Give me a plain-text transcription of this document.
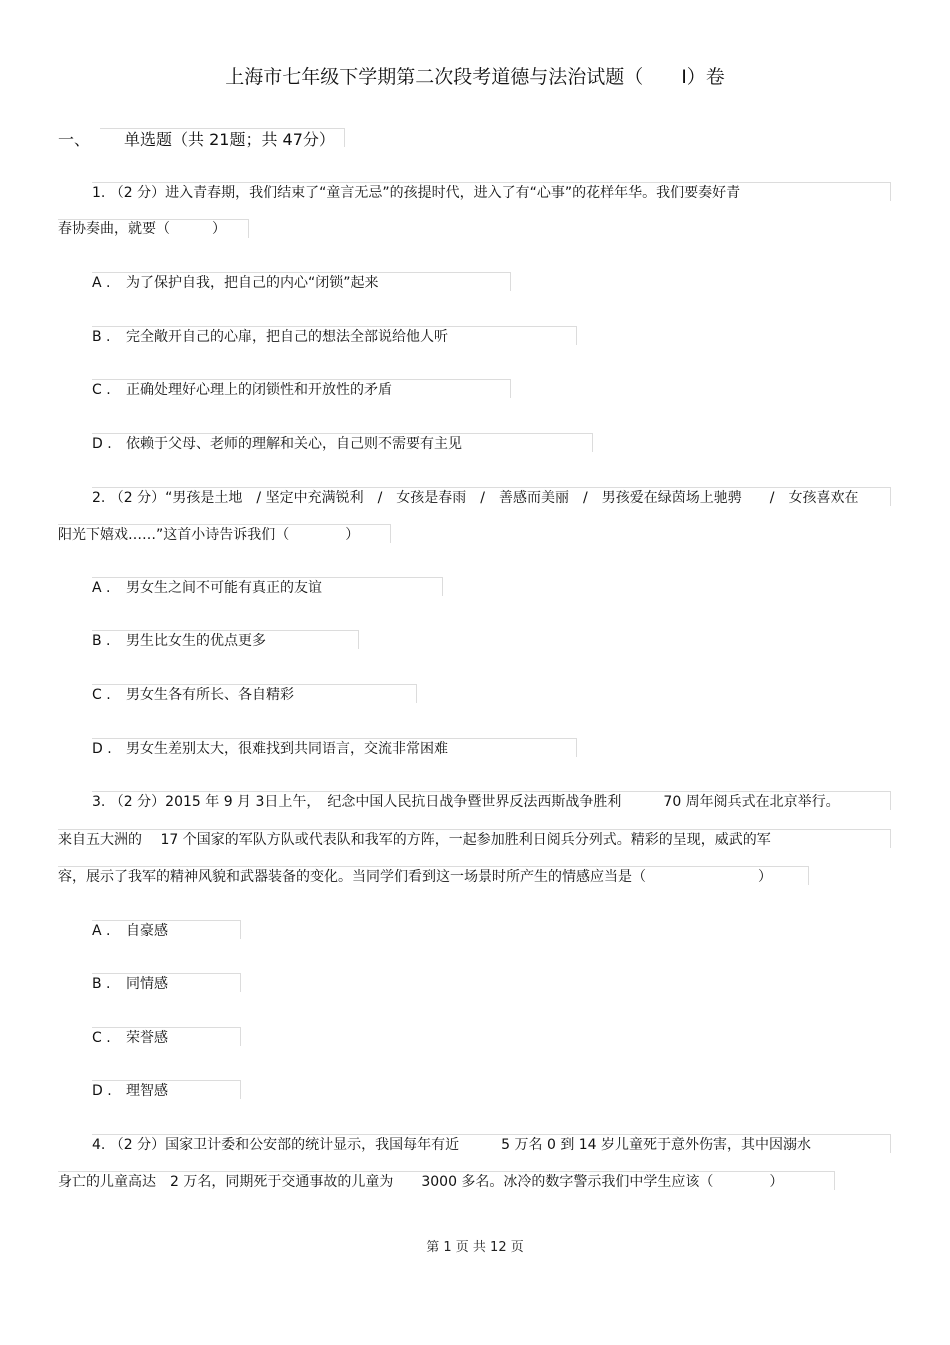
上海市七年级下学期第二次段考道德与法治试题（　　I）卷
一、 单选题（共 21题；共 47分）
1. （2 分）进入青春期，我们结束了“童言无忌”的孩提时代，进入了有“心事”的花样年华。我们要奏好青
春协奏曲，就要（　　　）
A . 为了保护自我，把自己的内心“闭锁”起来
B . 完全敞开自己的心扉，把自己的想法全部说给他人听
C . 正确处理好心理上的闭锁性和开放性的矛盾
D . 依赖于父母、老师的理解和关心，自己则不需要有主见
2. （2 分）“男孩是土地　/ 坚定中充满锐利　/　女孩是春雨　/　善感而美丽　/　男孩爱在绿茵场上驰骋　　/　女孩喜欢在
阳光下嬉戏……”这首小诗告诉我们（　　　　）
A . 男女生之间不可能有真正的友谊
B . 男生比女生的优点更多
C . 男女生各有所长、各自精彩
D . 男女生差别太大，很难找到共同语言，交流非常困难
3. （2 分）2015 年 9 月 3日上午，　纪念中国人民抗日战争暨世界反法西斯战争胜利　　　70 周年阅兵式在北京举行。
来自五大洲的　 17 个国家的军队方队或代表队和我军的方阵，一起参加胜利日阅兵分列式。精彩的呈现，威武的军
容，展示了我军的精神风貌和武器装备的变化。当同学们看到这一场景时所产生的情感应当是（　　　　　　　　）
A . 自豪感
B . 同情感
C . 荣誉感
D . 理智感
4. （2 分）国家卫计委和公安部的统计显示，我国每年有近　　　5 万名 0 到 14 岁儿童死于意外伤害，其中因溺水
身亡的儿童高达　2 万名，同期死于交通事故的儿童为　　3000 多名。冰冷的数字警示我们中学生应该（　　　　）
第 1 页 共 12 页
